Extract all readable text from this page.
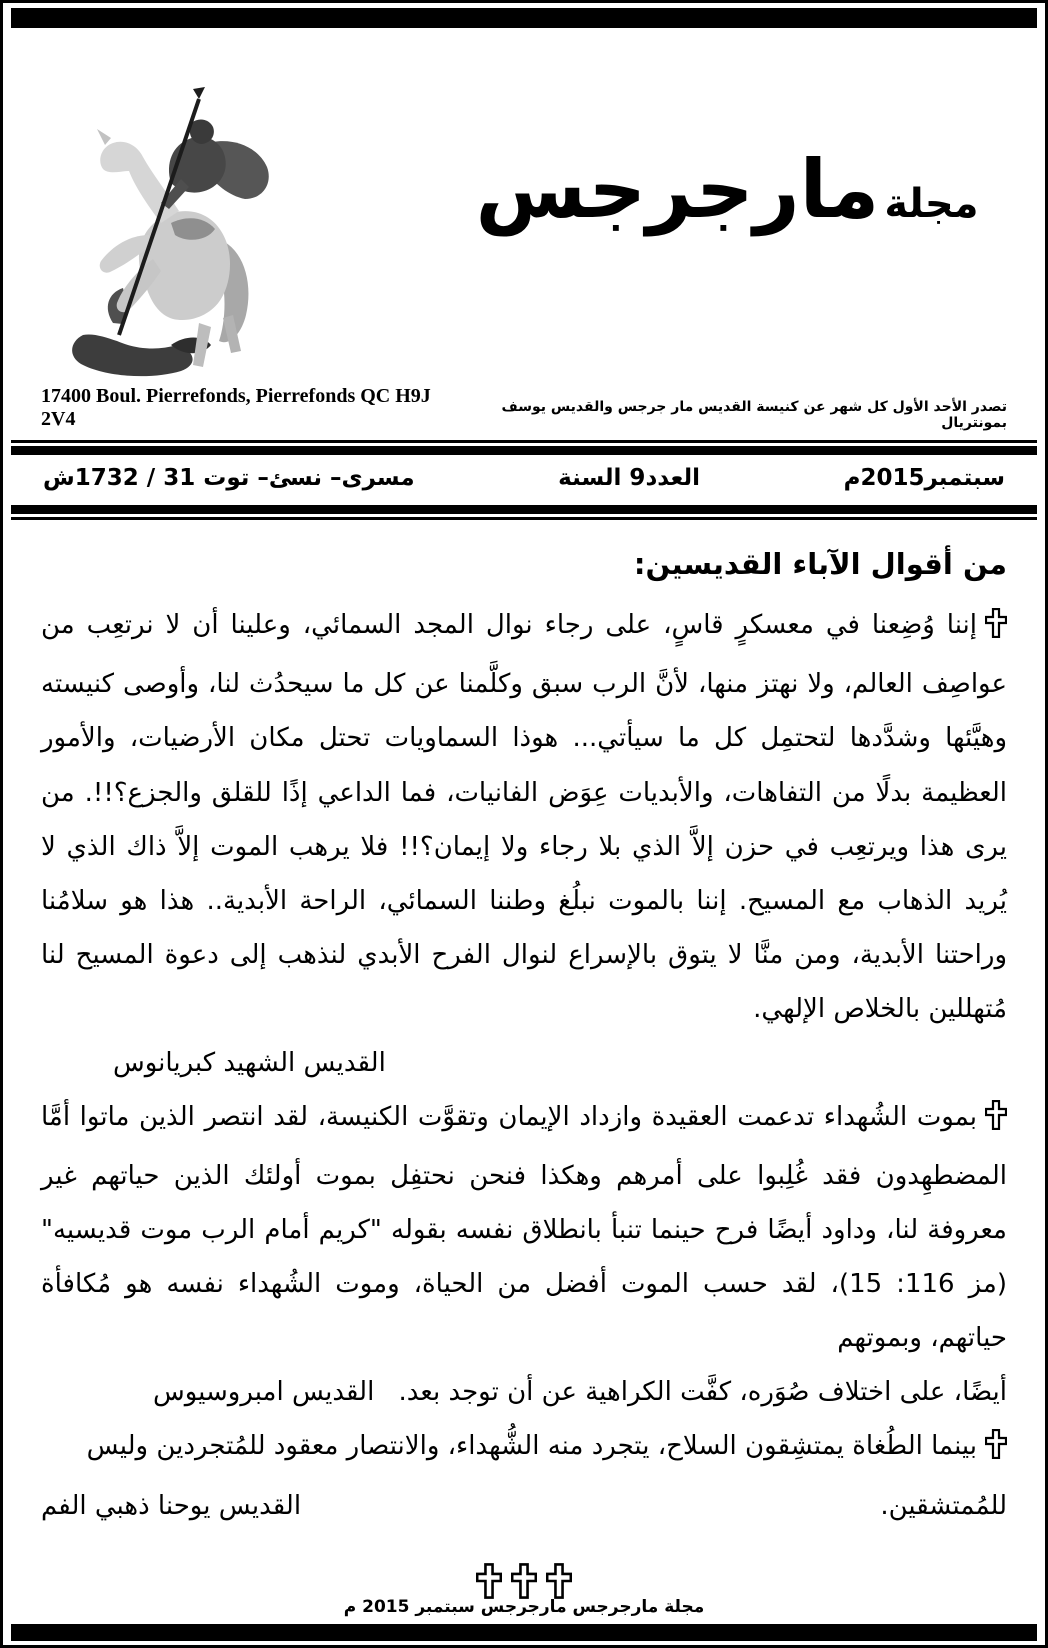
مجلة مارجرجس
17400 Boul. Pierrefonds, Pierrefonds QC H9J 2V4
تصدر الأحد الأول كل شهر عن كنيسة القديس مار جرجس والقديس يوسف بمونتريال
سبتمبر2015م
العدد9 السنة
مسرى– نسئ– توت 31 / 1732ش
من أقوال الآباء القديسين:

إننا وُضِعنا في معسكرٍ قاسٍ، على رجاء نوال المجد السمائي، وعلينا أن لا نرتعِب من عواصِف العالم، ولا نهتز منها، لأنَّ الرب سبق وكلَّمنا عن كل ما سيحدُث لنا، وأوصى كنيسته وهيَّئها وشدَّدها لتحتمِل كل ما سيأتي... هوذا السماويات تحتل مكان الأرضيات، والأمور العظيمة بدلًا من التفاهات، والأبديات عِوَض الفانيات، فما الداعي إذًا للقلق والجزع؟!!. من يرى هذا ويرتعِب في حزن إلاَّ الذي بلا رجاء ولا إيمان؟!! فلا يرهب الموت إلاَّ ذاك الذي لا يُريد الذهاب مع المسيح. إننا بالموت نبلُغ وطننا السمائي، الراحة الأبدية.. هذا هو سلامُنا وراحتنا الأبدية، ومن منَّا لا يتوق بالإسراع لنوال الفرح الأبدي لنذهب إلى دعوة المسيح لنا مُتهللين بالخلاص الإلهي.

القديس الشهيد كبريانوس

بموت الشُهداء تدعمت العقيدة وازداد الإيمان وتقوَّت الكنيسة، لقد انتصر الذين ماتوا أمَّا المضطهِدون فقد غُلِبوا على أمرهم وهكذا فنحن نحتفِل بموت أولئك الذين حياتهم غير معروفة لنا، وداود أيضًا فرح حينما تنبأ بانطلاق نفسه بقوله "كريم أمام الرب موت قديسيه" (مز 116: 15)، لقد حسب الموت أفضل من الحياة، وموت الشُهداء نفسه هو مُكافأة حياتهم، وبموتهم

أيضًا، على اختلاف صُوَره، كفَّت الكراهية عن أن توجد بعد.
القديس امبروسيوس

بينما الطُغاة يمتشِقون السلاح، يتجرد منه الشُّهداء، والانتصار معقود للمُتجردين وليس

للمُمتشقين.
القديس يوحنا ذهبي الفم
مجلة مارجرجس مارجرجس سبتمبر 2015 م
